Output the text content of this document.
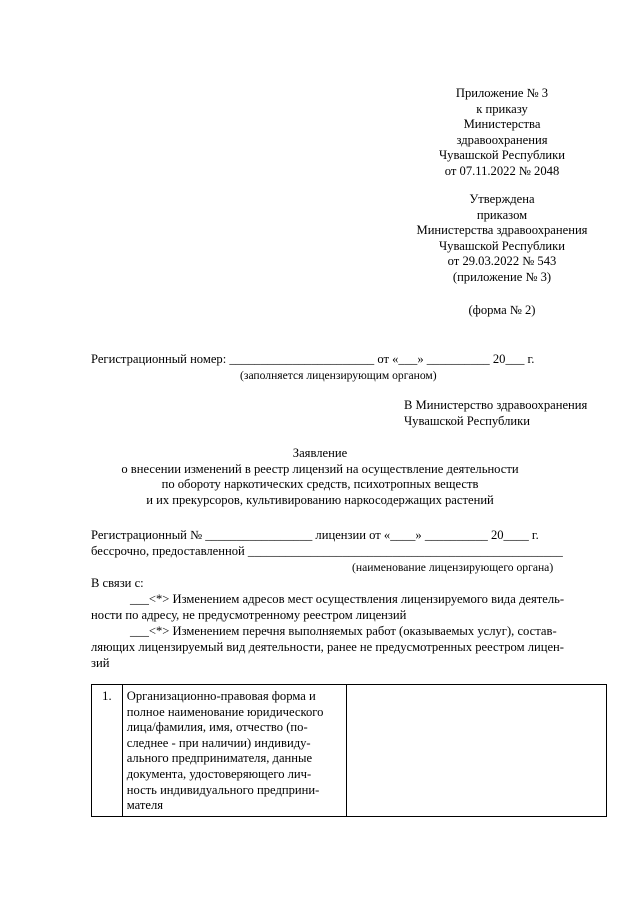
Приложение № 3
к приказу
Министерства
здравоохранения
Чувашской Республики
от 07.11.2022 № 2048
Утверждена
приказом
Министерства здравоохранения
Чувашской Республики
от 29.03.2022 № 543
(приложение № 3)
(форма № 2)
Регистрационный номер: _______________________ от «___» __________ 20___ г.
(заполняется лицензирующим органом)
В Министерство здравоохранения
Чувашской Республики
Заявление
о внесении изменений в реестр лицензий на осуществление деятельности
по обороту наркотических средств, психотропных веществ
и их прекурсоров, культивированию наркосодержащих растений
Регистрационный № _________________ лицензии от «____» __________ 20____ г.
бессрочно, предоставленной __________________________________________________
(наименование лицензирующего органа)
В связи с:
___<*> Изменением адресов мест осуществления лицензируемого вида деятель-
ности по адресу, не предусмотренному реестром лицензий
___<*> Изменением перечня выполняемых работ (оказываемых услуг), состав-
ляющих лицензируемый вид деятельности, ранее не предусмотренных реестром лицен-
зий
1.	Организационно-правовая форма и
полное наименование юридического
лица/фамилия, имя, отчество (по-
следнее - при наличии) индивиду-
ального предпринимателя, данные
документа, удостоверяющего лич-
ность индивидуального предприни-
мателя
